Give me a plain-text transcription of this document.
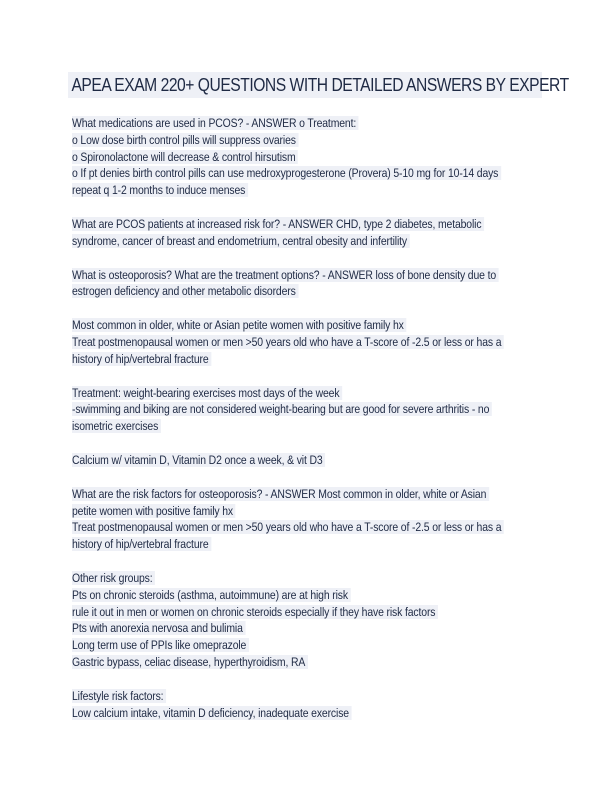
APEA EXAM 220+ QUESTIONS WITH DETAILED ANSWERS BY EXPERT
What medications are used in PCOS? - ANSWER o Treatment:
o Low dose birth control pills will suppress ovaries
o Spironolactone will decrease & control hirsutism
o If pt denies birth control pills can use medroxyprogesterone (Provera) 5-10 mg for 10-14 days
repeat q 1-2 months to induce menses
What are PCOS patients at increased risk for? - ANSWER CHD, type 2 diabetes, metabolic
syndrome, cancer of breast and endometrium, central obesity and infertility
What is osteoporosis? What are the treatment options? - ANSWER loss of bone density due to
estrogen deficiency and other metabolic disorders
Most common in older, white or Asian petite women with positive family hx
Treat postmenopausal women or men >50 years old who have a T-score of -2.5 or less or has a
history of hip/vertebral fracture
Treatment: weight-bearing exercises most days of the week
-swimming and biking are not considered weight-bearing but are good for severe arthritis - no
isometric exercises
Calcium w/ vitamin D, Vitamin D2 once a week, & vit D3
What are the risk factors for osteoporosis? - ANSWER Most common in older, white or Asian
petite women with positive family hx
Treat postmenopausal women or men >50 years old who have a T-score of -2.5 or less or has a
history of hip/vertebral fracture
Other risk groups:
Pts on chronic steroids (asthma, autoimmune) are at high risk
rule it out in men or women on chronic steroids especially if they have risk factors
Pts with anorexia nervosa and bulimia
Long term use of PPIs like omeprazole
Gastric bypass, celiac disease, hyperthyroidism, RA
Lifestyle risk factors:
Low calcium intake, vitamin D deficiency, inadequate exercise
